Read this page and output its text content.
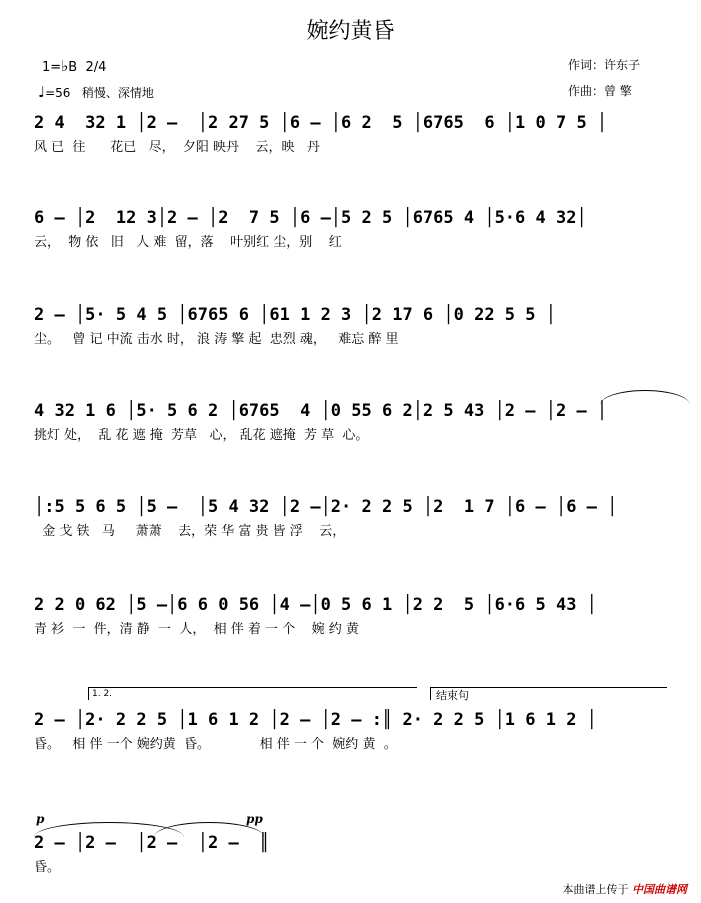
婉约黄昏
1=♭B 2/4
♩=56 稍慢、深情地
作词：许东子
作曲：曾 擎
2 4  32 1 │2 –  │2 27 5 │6 – │6 2  5 │6765  6 │1 0 7 5 │
风 已  往      花已   尽，  夕阳 映丹    云，映   丹
6 – │2  12 3│2 – │2  7 5 │6 –│5 2 5 │6765 4 │5·6 4 32│
云，  物 依   旧   人 难  留，落    叶别红 尘，别    红
2 – │5· 5 4 5 │6765 6 │61 1 2 3 │2 17 6 │0 22 5 5 │
尘。   曾 记 中流 击水 时， 浪 涛 擎 起  忠烈 魂，   难忘 醉 里
4 32 1 6 │5· 5 6 2 │6765  4 │0 55 6 2│2 5 43 │2 – │2 – │
挑灯 处，  乱 花 遮 掩  芳草   心， 乱花 遮掩  芳 草  心。
│:5 5 6 5 │5 –  │5 4 32 │2 –│2· 2 2 5 │2  1 7 │6 – │6 – │
金 戈 铁   马     萧萧    去，荣 华 富 贵 皆 浮    云，
2 2 0 62 │5 –│6 6 0 56 │4 –│0 5 6 1 │2 2  5 │6·6 5 43 │
青 衫  一  件，清 静  一  人，  相 伴 着 一 个    婉 约 黄
1. 2.	结束句
2 – │2· 2 2 5 │1 6 1 2 │2 – │2 – :║ 2· 2 2 5 │1 6 1 2 │
昏。   相 伴 一个 婉约黄  昏。            相 伴 一 个  婉约 黄  。
p	pp
2 – │2 –  │2 –  │2 –  ║
昏。
本曲谱上传于 中国曲谱网
